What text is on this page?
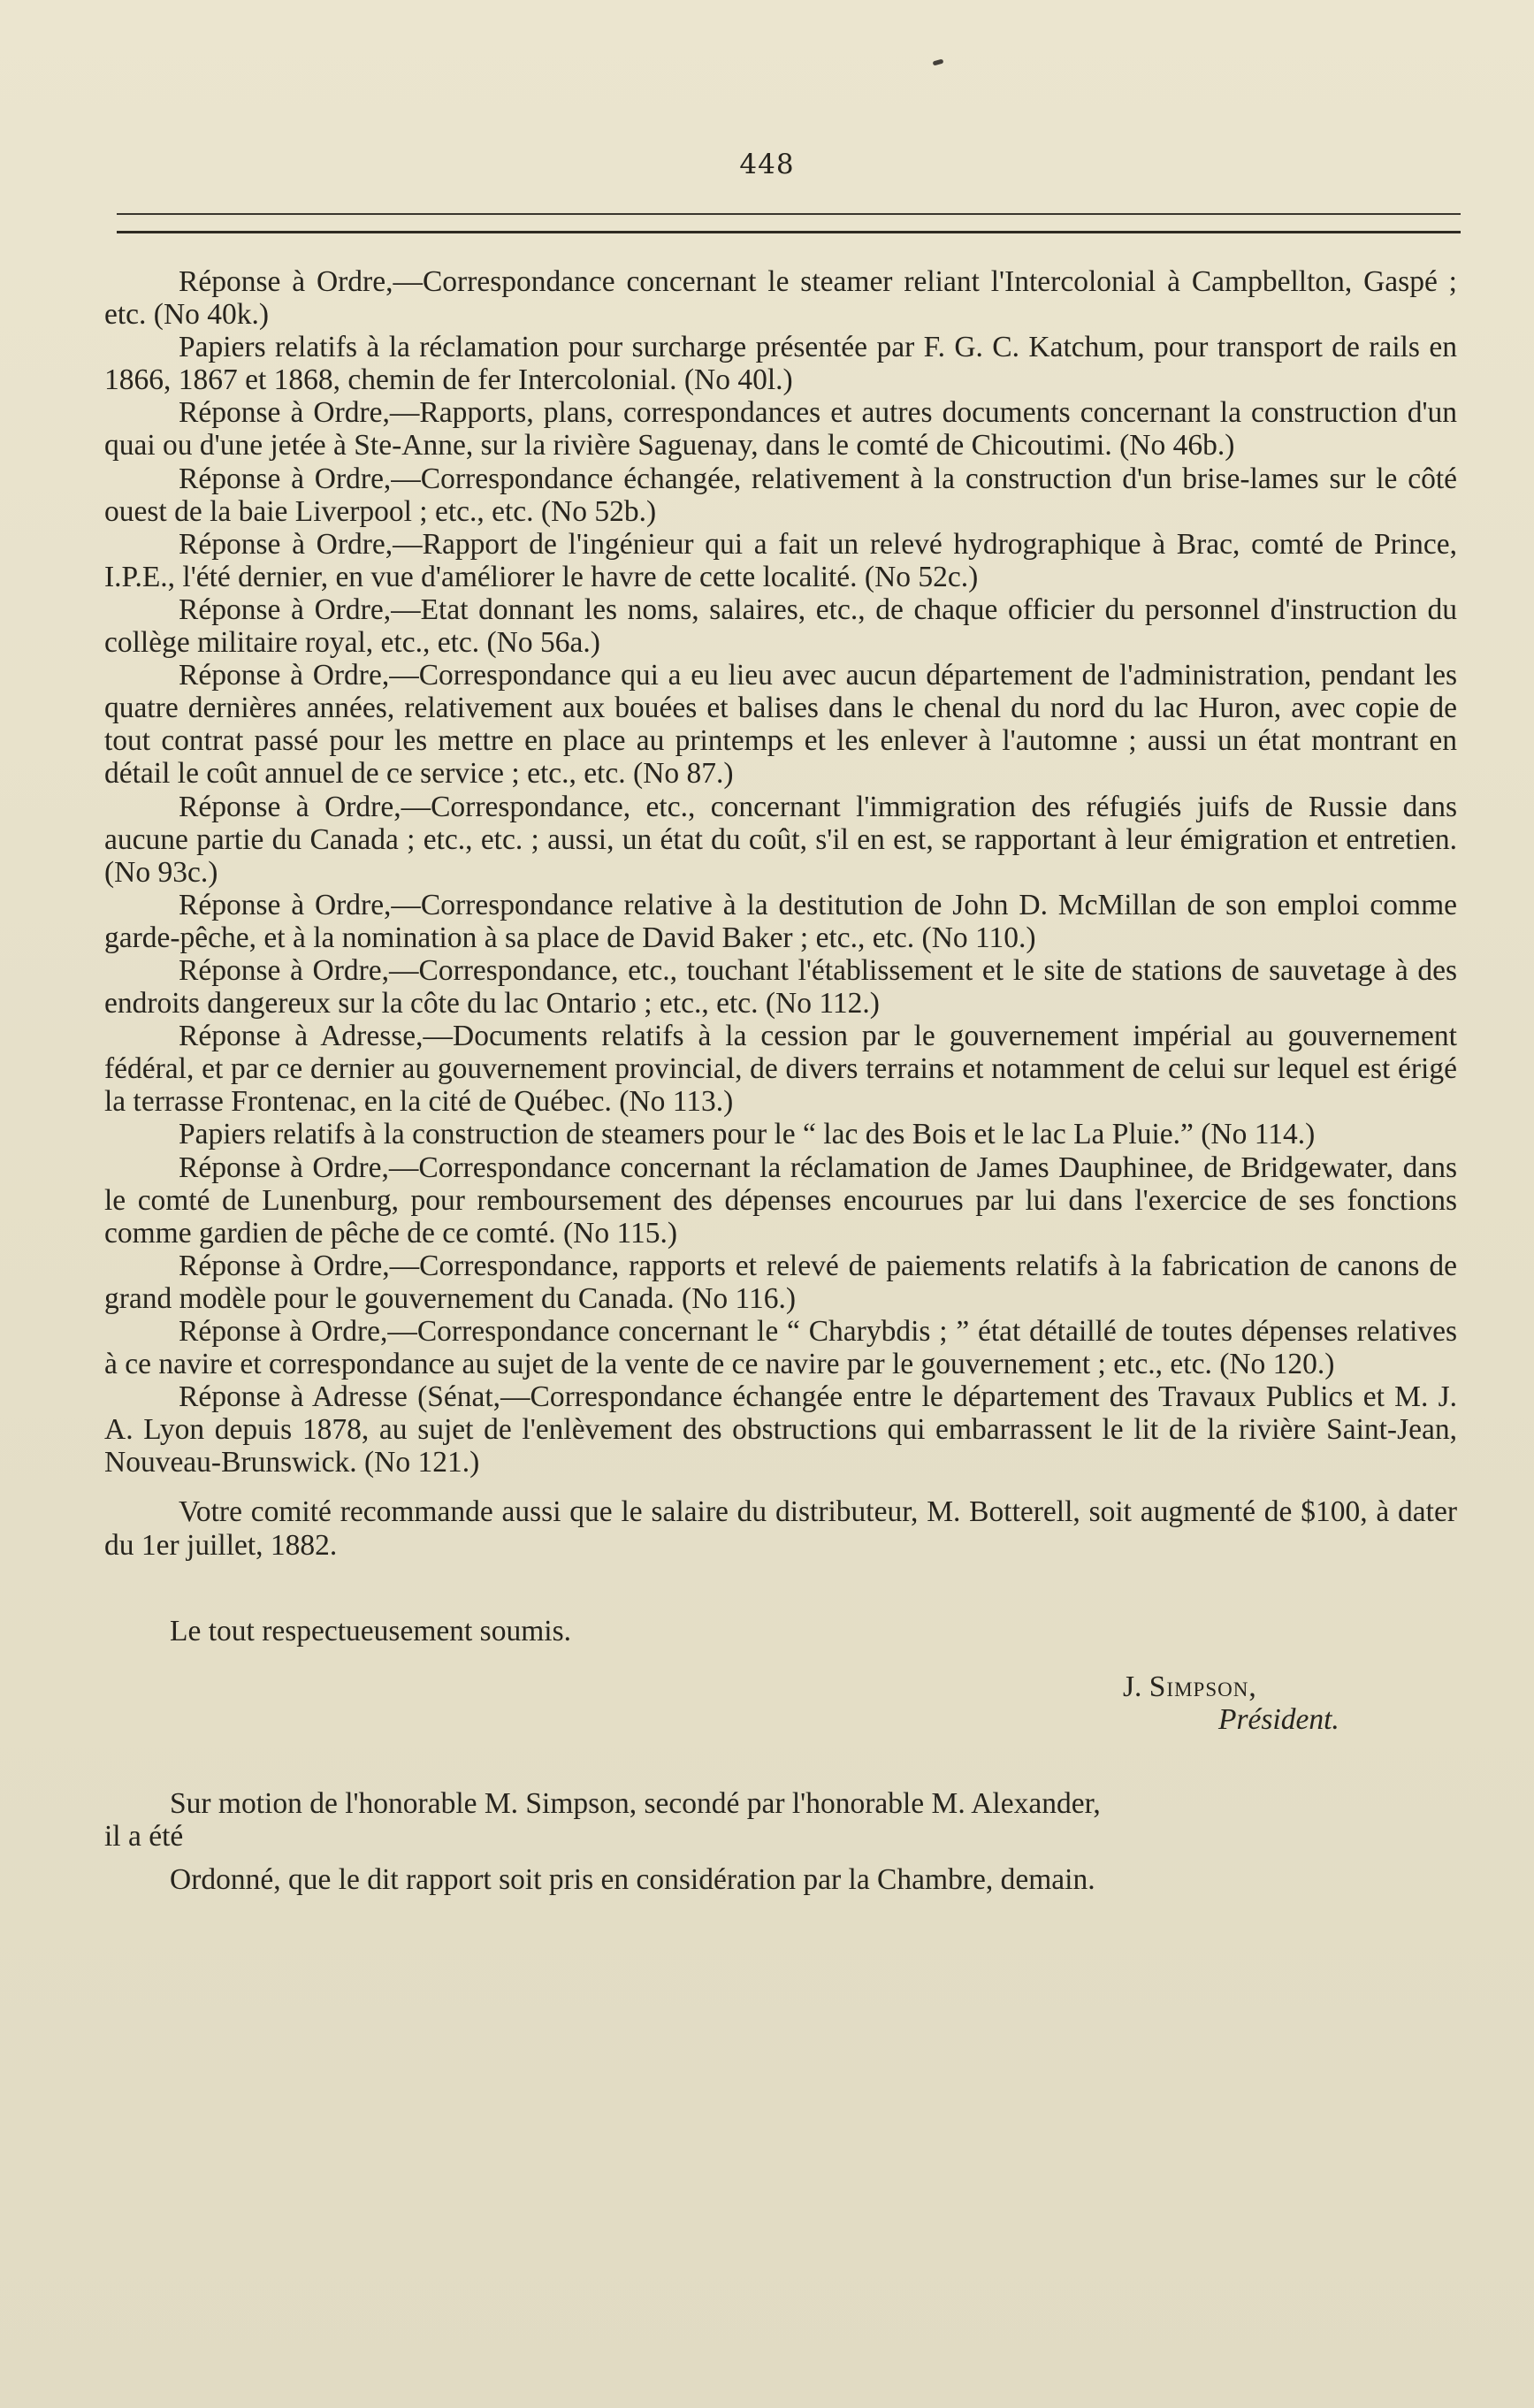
448

Réponse à Ordre,—Correspondance concernant le steamer reliant l'Intercolonial à Campbellton, Gaspé ; etc. (No 40k.)

Papiers relatifs à la réclamation pour surcharge présentée par F. G. C. Katchum, pour transport de rails en 1866, 1867 et 1868, chemin de fer Intercolonial. (No 40l.)

Réponse à Ordre,—Rapports, plans, correspondances et autres documents concernant la construction d'un quai ou d'une jetée à Ste-Anne, sur la rivière Saguenay, dans le comté de Chicoutimi. (No 46b.)

Réponse à Ordre,—Correspondance échangée, relativement à la construction d'un brise-lames sur le côté ouest de la baie Liverpool ; etc., etc. (No 52b.)

Réponse à Ordre,—Rapport de l'ingénieur qui a fait un relevé hydrographique à Brac, comté de Prince, I.P.E., l'été dernier, en vue d'améliorer le havre de cette localité. (No 52c.)

Réponse à Ordre,—Etat donnant les noms, salaires, etc., de chaque officier du personnel d'instruction du collège militaire royal, etc., etc. (No 56a.)

Réponse à Ordre,—Correspondance qui a eu lieu avec aucun département de l'administration, pendant les quatre dernières années, relativement aux bouées et balises dans le chenal du nord du lac Huron, avec copie de tout contrat passé pour les mettre en place au printemps et les enlever à l'automne ; aussi un état montrant en détail le coût annuel de ce service ; etc., etc. (No 87.)

Réponse à Ordre,—Correspondance, etc., concernant l'immigration des réfugiés juifs de Russie dans aucune partie du Canada ; etc., etc. ; aussi, un état du coût, s'il en est, se rapportant à leur émigration et entretien. (No 93c.)

Réponse à Ordre,—Correspondance relative à la destitution de John D. McMillan de son emploi comme garde-pêche, et à la nomination à sa place de David Baker ; etc., etc. (No 110.)

Réponse à Ordre,—Correspondance, etc., touchant l'établissement et le site de stations de sauvetage à des endroits dangereux sur la côte du lac Ontario ; etc., etc. (No 112.)

Réponse à Adresse,—Documents relatifs à la cession par le gouvernement impérial au gouvernement fédéral, et par ce dernier au gouvernement provincial, de divers terrains et notamment de celui sur lequel est érigé la terrasse Frontenac, en la cité de Québec. (No 113.)

Papiers relatifs à la construction de steamers pour le “ lac des Bois et le lac La Pluie.” (No 114.)

Réponse à Ordre,—Correspondance concernant la réclamation de James Dauphinee, de Bridgewater, dans le comté de Lunenburg, pour remboursement des dépenses encourues par lui dans l'exercice de ses fonctions comme gardien de pêche de ce comté. (No 115.)

Réponse à Ordre,—Correspondance, rapports et relevé de paiements relatifs à la fabrication de canons de grand modèle pour le gouvernement du Canada. (No 116.)

Réponse à Ordre,—Correspondance concernant le “ Charybdis ; ” état détaillé de toutes dépenses relatives à ce navire et correspondance au sujet de la vente de ce navire par le gouvernement ; etc., etc. (No 120.)

Réponse à Adresse (Sénat,—Correspondance échangée entre le département des Travaux Publics et M. J. A. Lyon depuis 1878, au sujet de l'enlèvement des obstructions qui embarrassent le lit de la rivière Saint-Jean, Nouveau-Brunswick. (No 121.)

Votre comité recommande aussi que le salaire du distributeur, M. Botterell, soit augmenté de $100, à dater du 1er juillet, 1882.

Le tout respectueusement soumis.

J. Simpson,
Président.

Sur motion de l'honorable M. Simpson, secondé par l'honorable M. Alexander,

il a été

Ordonné, que le dit rapport soit pris en considération par la Chambre, demain.
